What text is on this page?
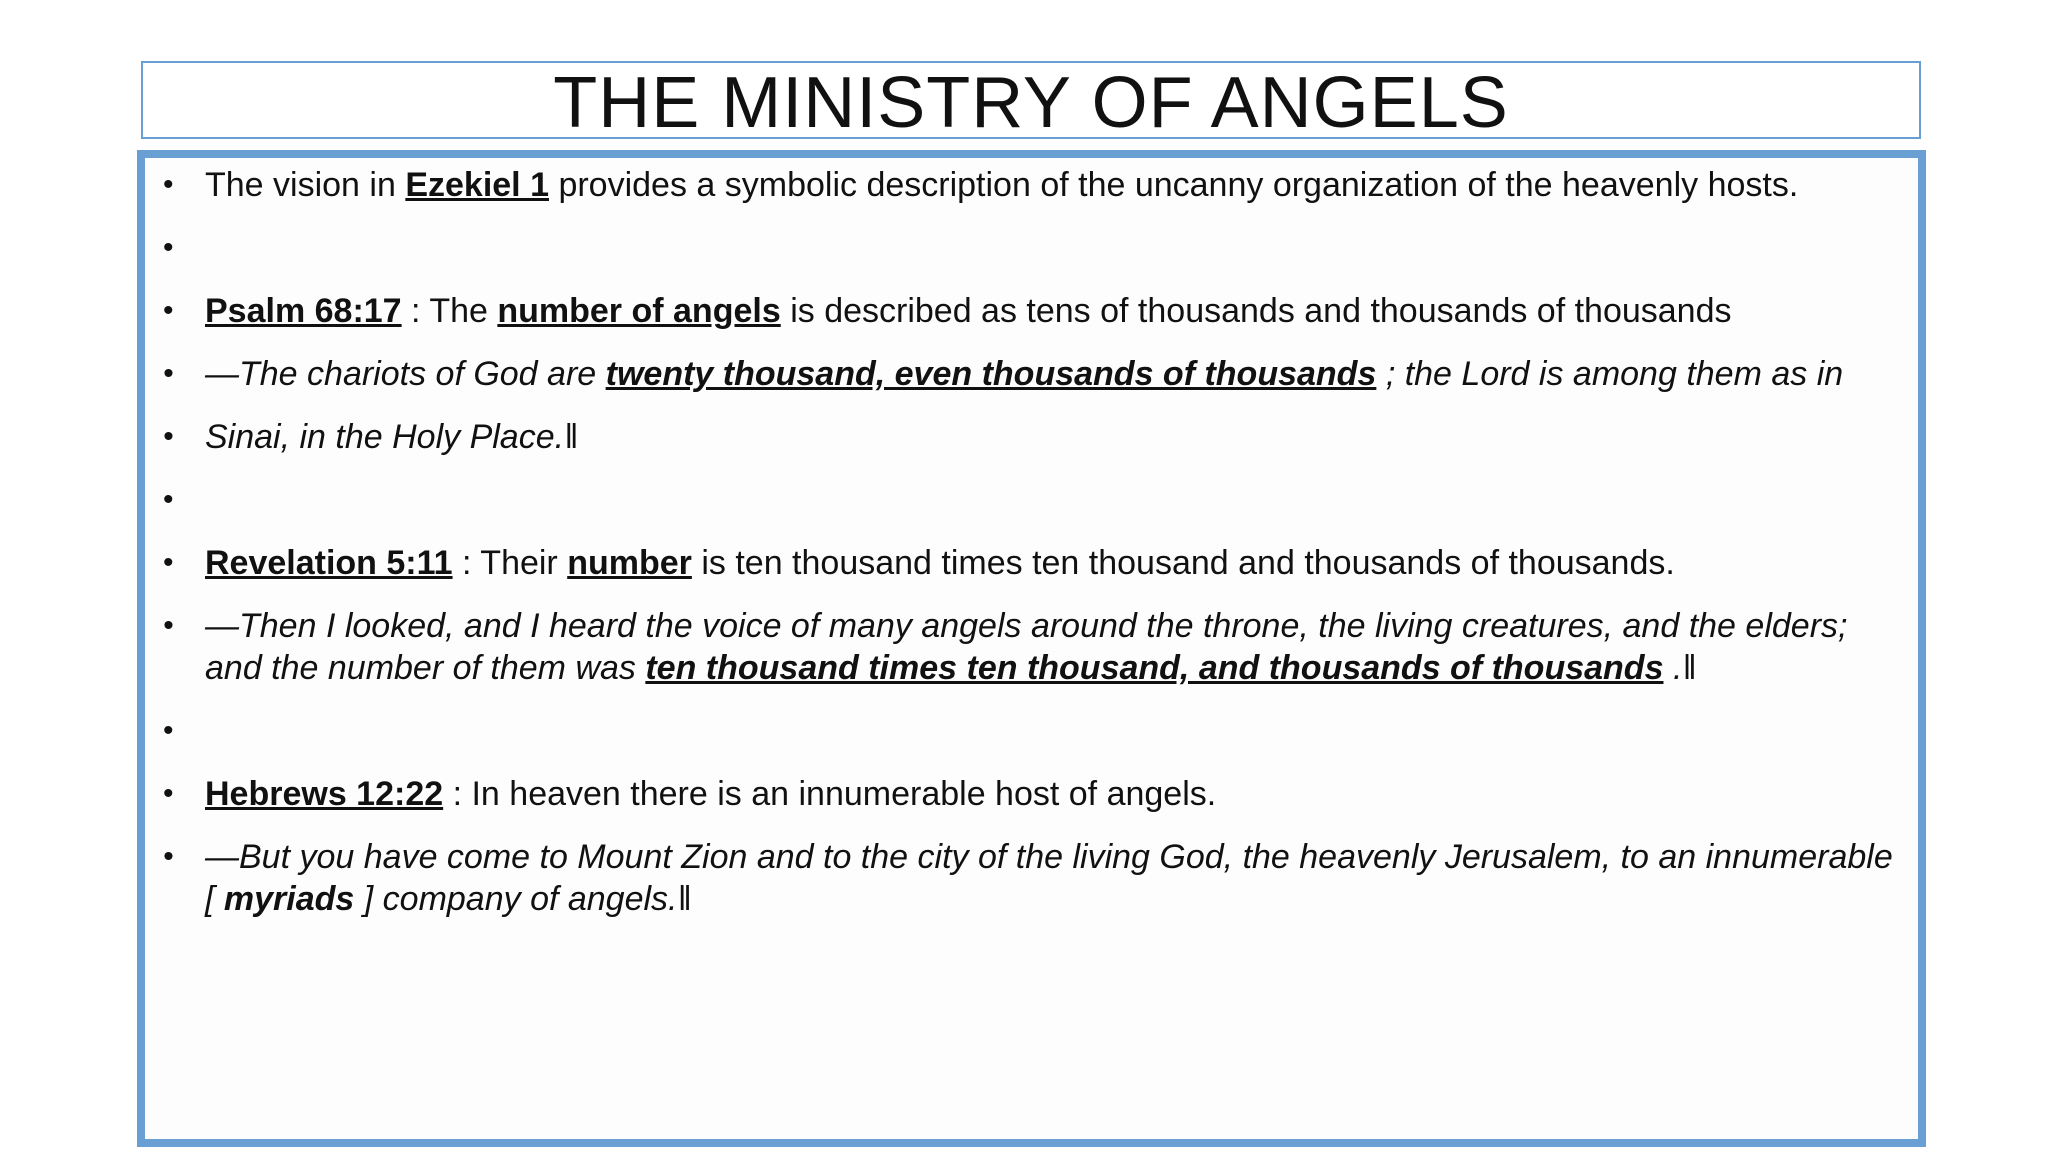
THE MINISTRY OF ANGELS
• The vision in Ezekiel 1 provides a symbolic description of the uncanny organization of the heavenly hosts.
•
• Psalm 68:17 : The number of angels is described as tens of thousands and thousands of thousands
• ―The chariots of God are twenty thousand, even thousands of thousands ; the Lord is among them as in
• Sinai, in the Holy Place.‖
•
• Revelation 5:11 : Their number is ten thousand times ten thousand and thousands of thousands.
• ―Then I looked, and I heard the voice of many angels around the throne, the living creatures, and the elders; and the number of them was ten thousand times ten thousand, and thousands of thousands .‖
•
• Hebrews 12:22 : In heaven there is an innumerable host of angels.
• ―But you have come to Mount Zion and to the city of the living God, the heavenly Jerusalem, to an innumerable [ myriads ] company of angels.‖
